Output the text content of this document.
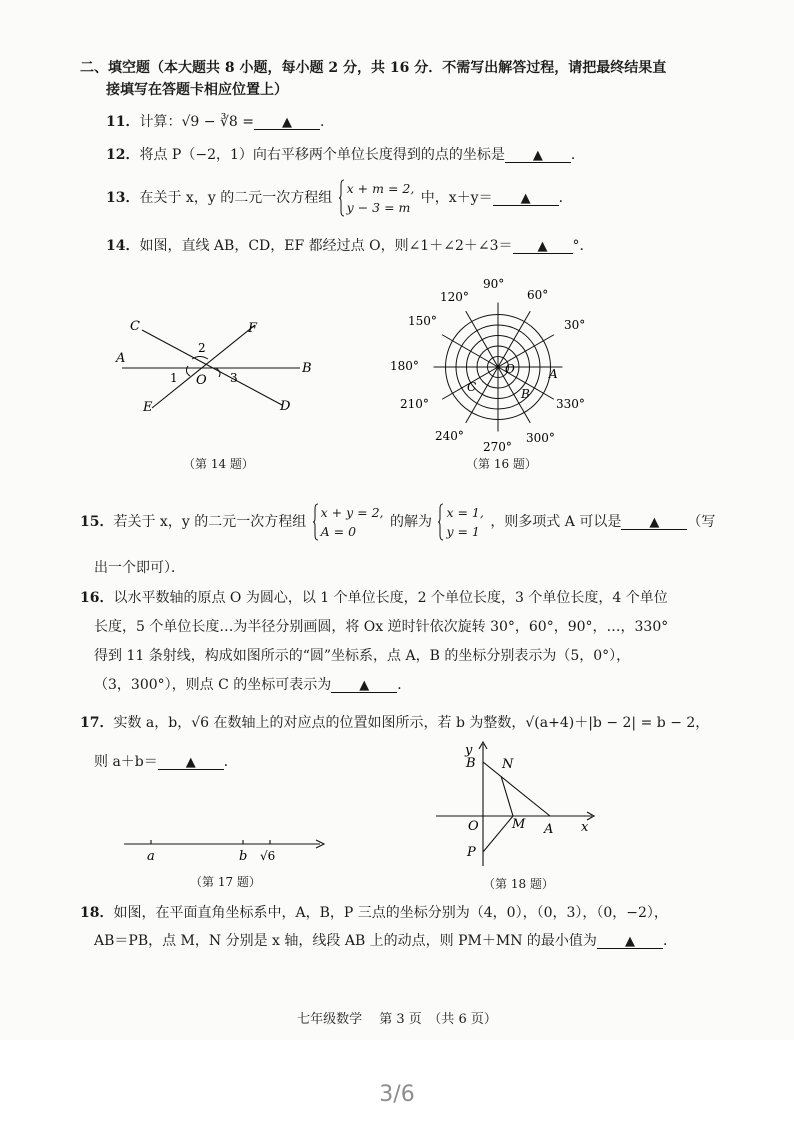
二、填空题（本大题共 8 小题，每小题 2 分，共 16 分．不需写出解答过程，请把最终结果直
接填写在答题卡相应位置上）
11．计算：√9 − ∛8 = ▲ ．
12．将点 P（−2，1）向右平移两个单位长度得到的点的坐标是 ▲ ．
13．在关于 x，y 的二元一次方程组
x + m = 2,
y − 3 = m
中，x＋y＝ ▲ ．
14．如图，直线 AB，CD，EF 都经过点 O，则∠1＋∠2＋∠3＝ ▲ °．
A
B
C
D
E
F
O
1
2
3
（第 14 题）
90°
60°
120°
30°
150°
180°
330°
210°
240°
270°
300°
O	A
B
C
（第 16 题）
15．若关于 x，y 的二元一次方程组
x + y = 2,
A = 0
的解为
x = 1,
y = 1
，则多项式 A 可以是 ▲ （写
出一个即可）．
16．以水平数轴的原点 O 为圆心，以 1 个单位长度，2 个单位长度，3 个单位长度，4 个单位
长度，5 个单位长度…为半径分别画圆，将 Ox 逆时针依次旋转 30°，60°，90°，…，330°
得到 11 条射线，构成如图所示的“圆”坐标系，点 A，B 的坐标分别表示为（5，0°），
（3，300°），则点 C 的坐标可表示为 ▲ ．
17．实数 a，b，√6 在数轴上的对应点的位置如图所示，若 b 为整数，√(a+4)＋|b − 2| = b − 2，
则 a＋b＝ ▲ ．
a	b √6
（第 17 题）
y
x
B N
O	M A
P
（第 18 题）
18．如图，在平面直角坐标系中，A，B，P 三点的坐标分别为（4，0），（0，3），（0，−2），
AB＝PB，点 M，N 分别是 x 轴，线段 AB 上的动点，则 PM＋MN 的最小值为 ▲ ．
七年级数学　 第 3 页　（共 6 页）
3/6
